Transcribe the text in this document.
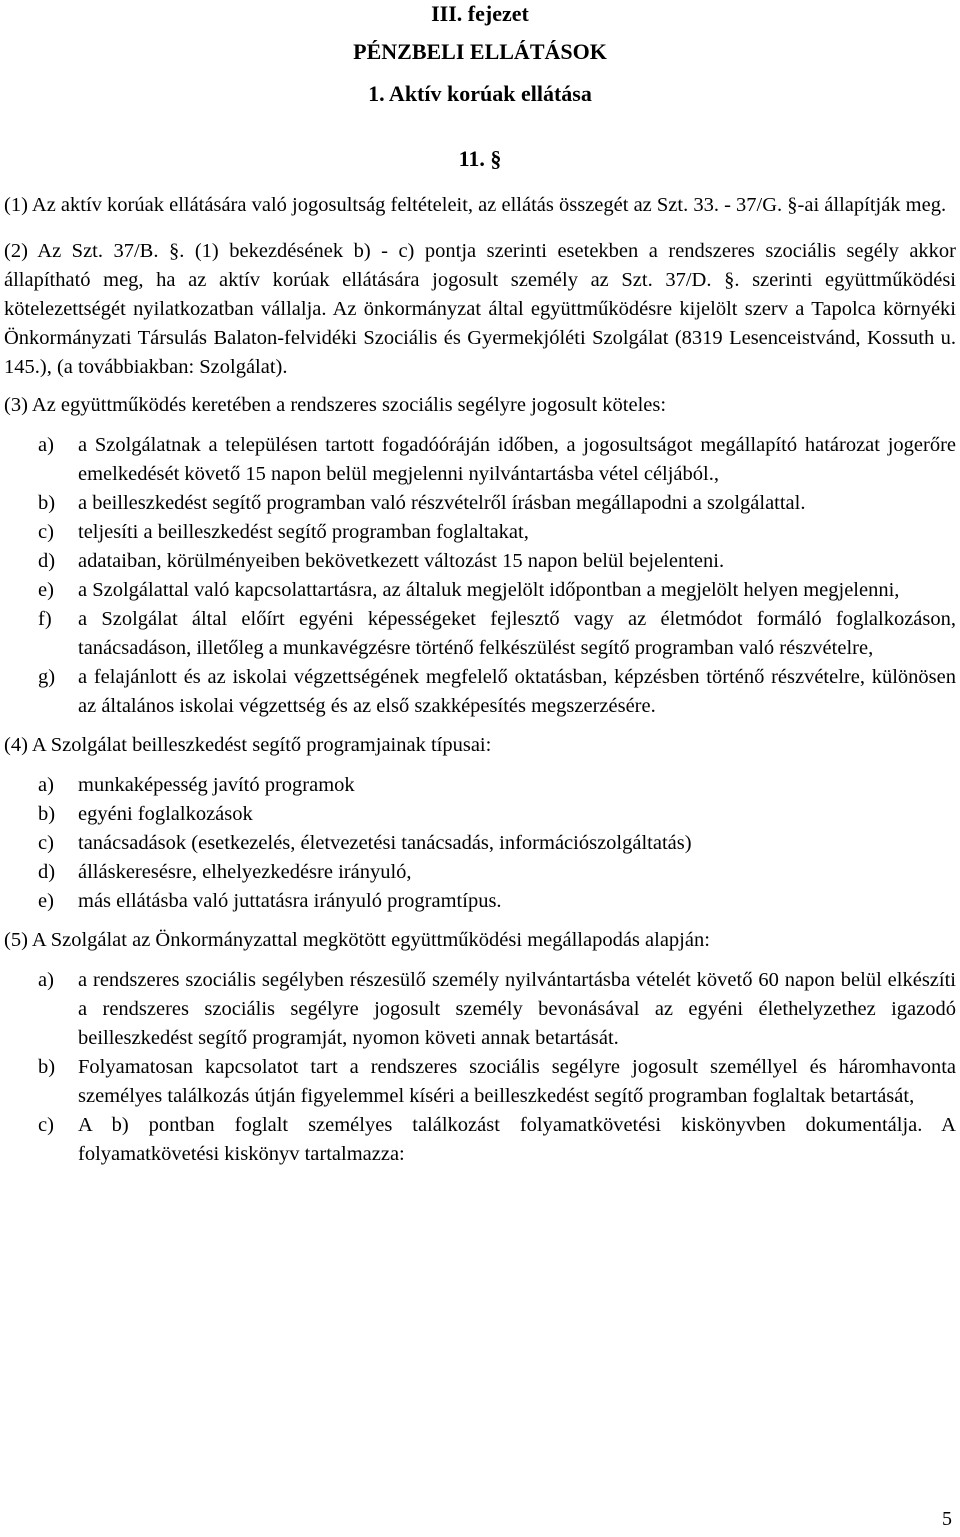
III. fejezet
PÉNZBELI ELLÁTÁSOK
1. Aktív korúak ellátása
11. §
(1) Az aktív korúak ellátására való jogosultság feltételeit, az ellátás összegét az Szt. 33. - 37/G. §-ai állapítják meg.
(2) Az Szt. 37/B. §. (1) bekezdésének b) - c) pontja szerinti esetekben a rendszeres szociális segély akkor állapítható meg, ha az aktív korúak ellátására jogosult személy az Szt. 37/D. §. szerinti együttműködési kötelezettségét nyilatkozatban vállalja. Az önkormányzat által együttműködésre kijelölt szerv a Tapolca környéki Önkormányzati Társulás Balaton-felvidéki Szociális és Gyermekjóléti Szolgálat (8319 Lesenceistvánd, Kossuth u. 145.), (a továbbiakban: Szolgálat).
(3) Az együttműködés keretében a rendszeres szociális segélyre jogosult köteles:
a)	a Szolgálatnak a településen tartott fogadóóráján időben, a jogosultságot megállapító határozat jogerőre emelkedését követő 15 napon belül megjelenni nyilvántartásba vétel céljából.,
b)	a beilleszkedést segítő programban való részvételről írásban megállapodni a szolgálattal.
c)	teljesíti a beilleszkedést segítő programban foglaltakat,
d)	adataiban, körülményeiben bekövetkezett változást 15 napon belül bejelenteni.
e)	a Szolgálattal való kapcsolattartásra, az általuk megjelölt időpontban a megjelölt helyen megjelenni,
f)	a Szolgálat által előírt egyéni képességeket fejlesztő vagy az életmódot formáló foglalkozáson, tanácsadáson, illetőleg a munkavégzésre történő felkészülést segítő programban való részvételre,
g)	a felajánlott és az iskolai végzettségének megfelelő oktatásban, képzésben történő részvételre, különösen az általános iskolai végzettség és az első szakképesítés megszerzésére.
(4) A Szolgálat beilleszkedést segítő programjainak típusai:
a)	munkaképesség javító programok
b)	egyéni foglalkozások
c)	tanácsadások (esetkezelés, életvezetési tanácsadás, információszolgáltatás)
d)	álláskeresésre, elhelyezkedésre irányuló,
e)	más ellátásba való juttatásra irányuló programtípus.
(5) A Szolgálat az Önkormányzattal megkötött együttműködési megállapodás alapján:
a)	a rendszeres szociális segélyben részesülő személy nyilvántartásba vételét követő 60 napon belül elkészíti a rendszeres szociális segélyre jogosult személy bevonásával az egyéni élethelyzethez igazodó beilleszkedést segítő programját, nyomon követi annak betartását.
b)	Folyamatosan kapcsolatot tart a rendszeres szociális segélyre jogosult személlyel és háromhavonta személyes találkozás útján figyelemmel kíséri a beilleszkedést segítő programban foglaltak betartását,
c)	A b) pontban foglalt személyes találkozást folyamatkövetési kiskönyvben dokumentálja. A folyamatkövetési kiskönyv tartalmazza:
5
